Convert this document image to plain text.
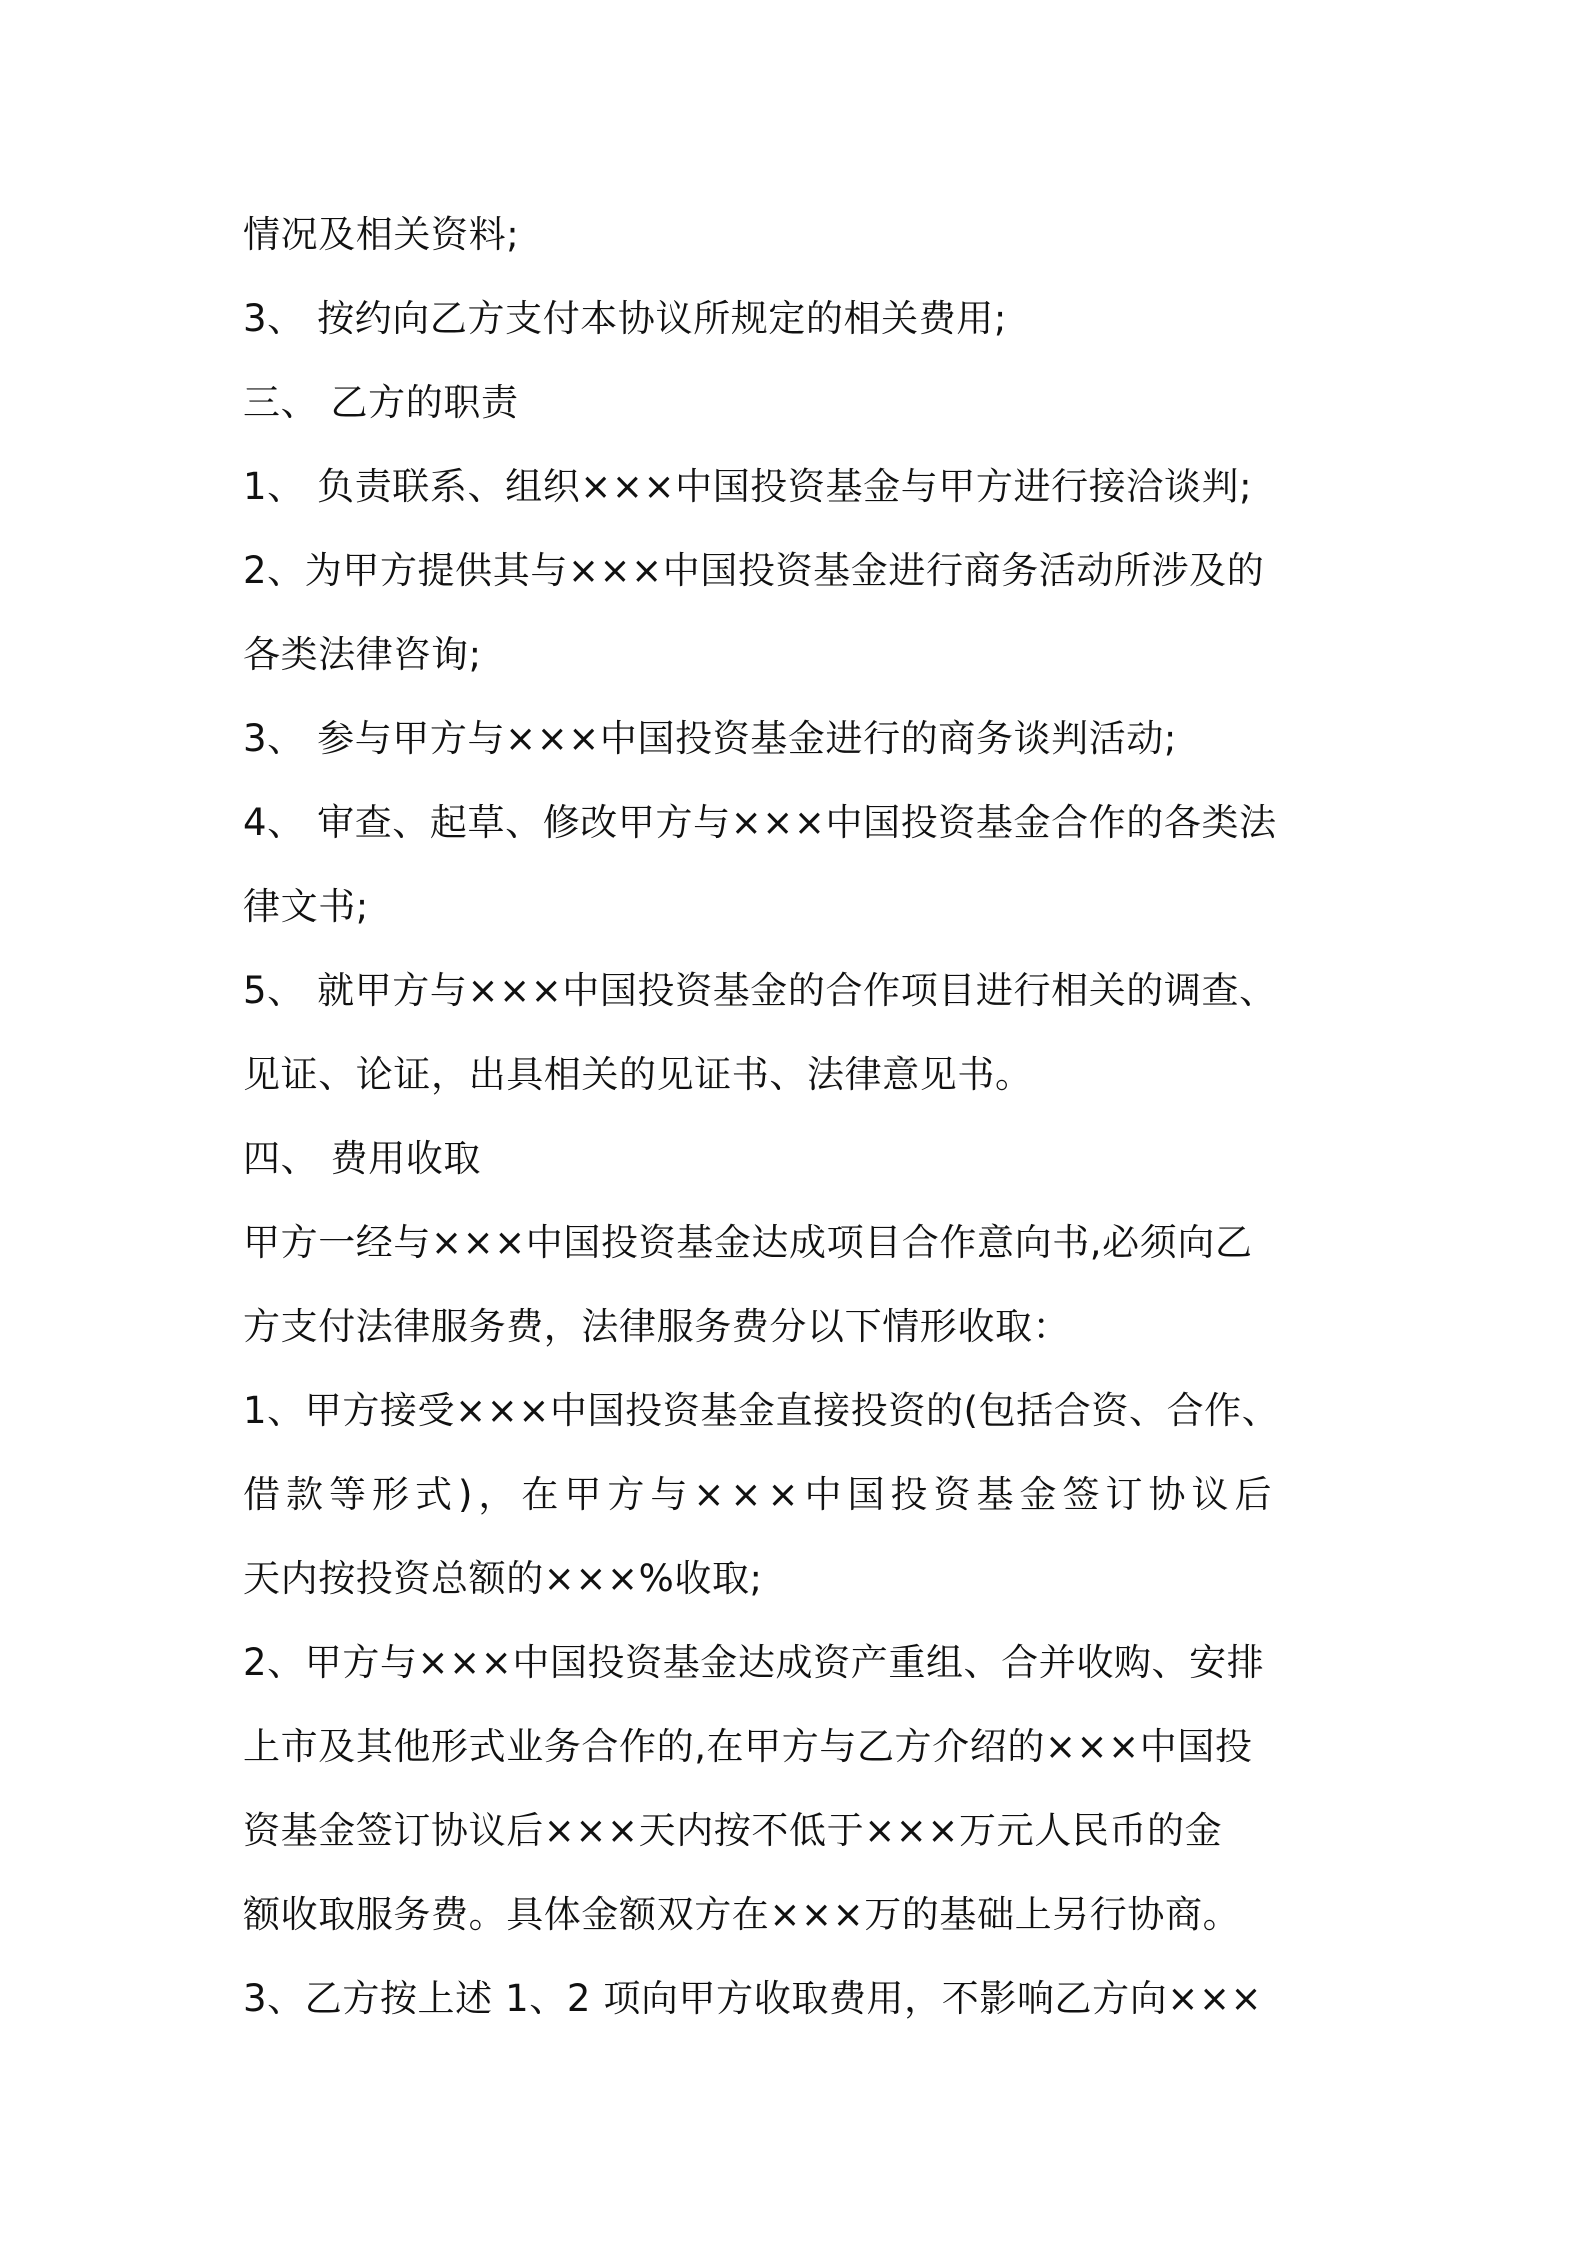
情况及相关资料;
3、 按约向乙方支付本协议所规定的相关费用;
三、 乙方的职责
1、 负责联系、组织×××中国投资基金与甲方进行接洽谈判;
2、为甲方提供其与×××中国投资基金进行商务活动所涉及的
各类法律咨询;
3、 参与甲方与×××中国投资基金进行的商务谈判活动;
4、 审查、起草、修改甲方与×××中国投资基金合作的各类法
律文书;
5、 就甲方与×××中国投资基金的合作项目进行相关的调查、
见证、论证，出具相关的见证书、法律意见书。
四、 费用收取
甲方一经与×××中国投资基金达成项目合作意向书,必须向乙
方支付法律服务费，法律服务费分以下情形收取：
1、甲方接受×××中国投资基金直接投资的(包括合资、合作、
借款等形式)，在甲方与×××中国投资基金签订协议后
天内按投资总额的×××%收取;
2、甲方与×××中国投资基金达成资产重组、合并收购、安排
上市及其他形式业务合作的,在甲方与乙方介绍的×××中国投
资基金签订协议后×××天内按不低于×××万元人民币的金
额收取服务费。具体金额双方在×××万的基础上另行协商。
3、乙方按上述 1、2 项向甲方收取费用，不影响乙方向×××
